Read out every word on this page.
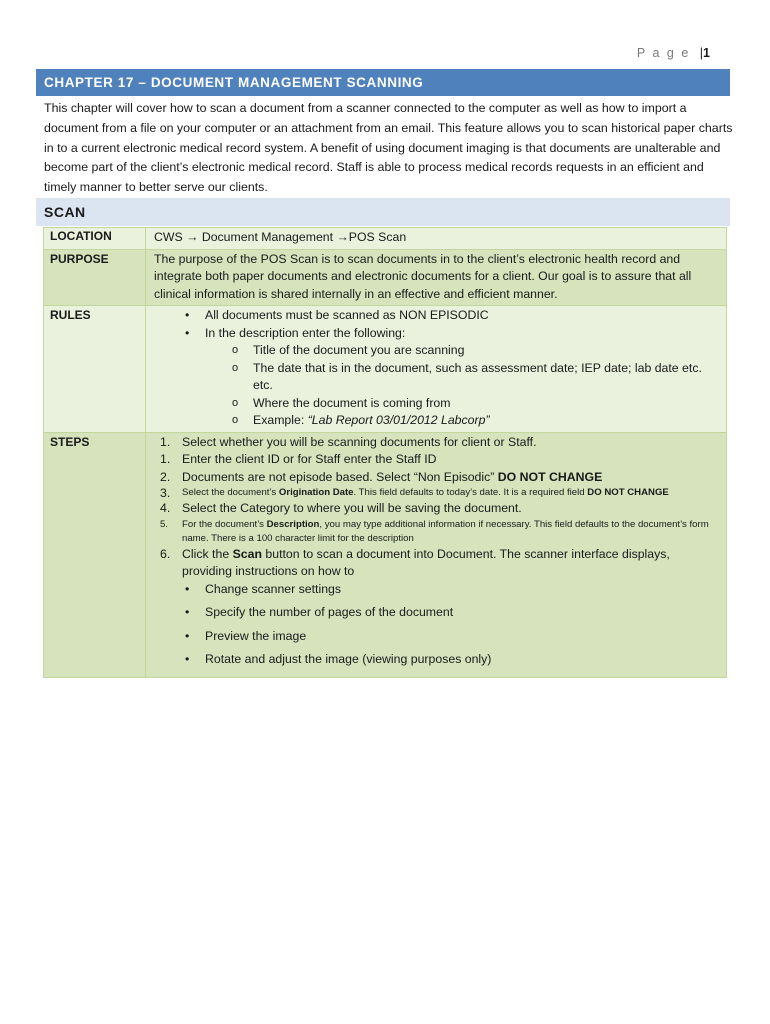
P a g e |1
CHAPTER 17 – DOCUMENT MANAGEMENT SCANNING
This chapter will cover how to scan a document from a scanner connected to the computer as well as how to import a document from a file on your computer or an attachment from an email. This feature allows you to scan historical paper charts in to a current electronic medical record system. A benefit of using document imaging is that documents are unalterable and become part of the client’s electronic medical record. Staff is able to process medical records requests in an efficient and timely manner to better serve our clients.
SCAN
LOCATION	CWS → Document Management →POS Scan
PURPOSE	The purpose of the POS Scan is to scan documents in to the client’s electronic health record and integrate both paper documents and electronic documents for a client. Our goal is to assure that all clinical information is shared internally in an effective and efficient manner.
RULES
•	All documents must be scanned as NON EPISODIC
• In the description enter the following:
o Title of the document you are scanning
o The date that is in the document, such as assessment date; IEP date; lab date etc. etc.
o Where the document is coming from
o Example: “Lab Report 03/01/2012 Labcorp”
STEPS	1. Select whether you will be scanning documents for client or Staff.
1. Enter the client ID or for Staff enter the Staff ID
2. Documents are not episode based. Select “Non Episodic” DO NOT CHANGE
3. Select the document’s Origination Date. This field defaults to today’s date. It is a required field DO NOT CHANGE
4. Select the Category to where you will be saving the document.
5. For the document’s Description, you may type additional information if necessary. This field defaults to the document’s form name. There is a 100 character limit for the description
6. Click the Scan button to scan a document into Document. The scanner interface displays, providing instructions on how to
• Change scanner settings
• Specify the number of pages of the document
• Preview the image
• Rotate and adjust the image (viewing purposes only)
